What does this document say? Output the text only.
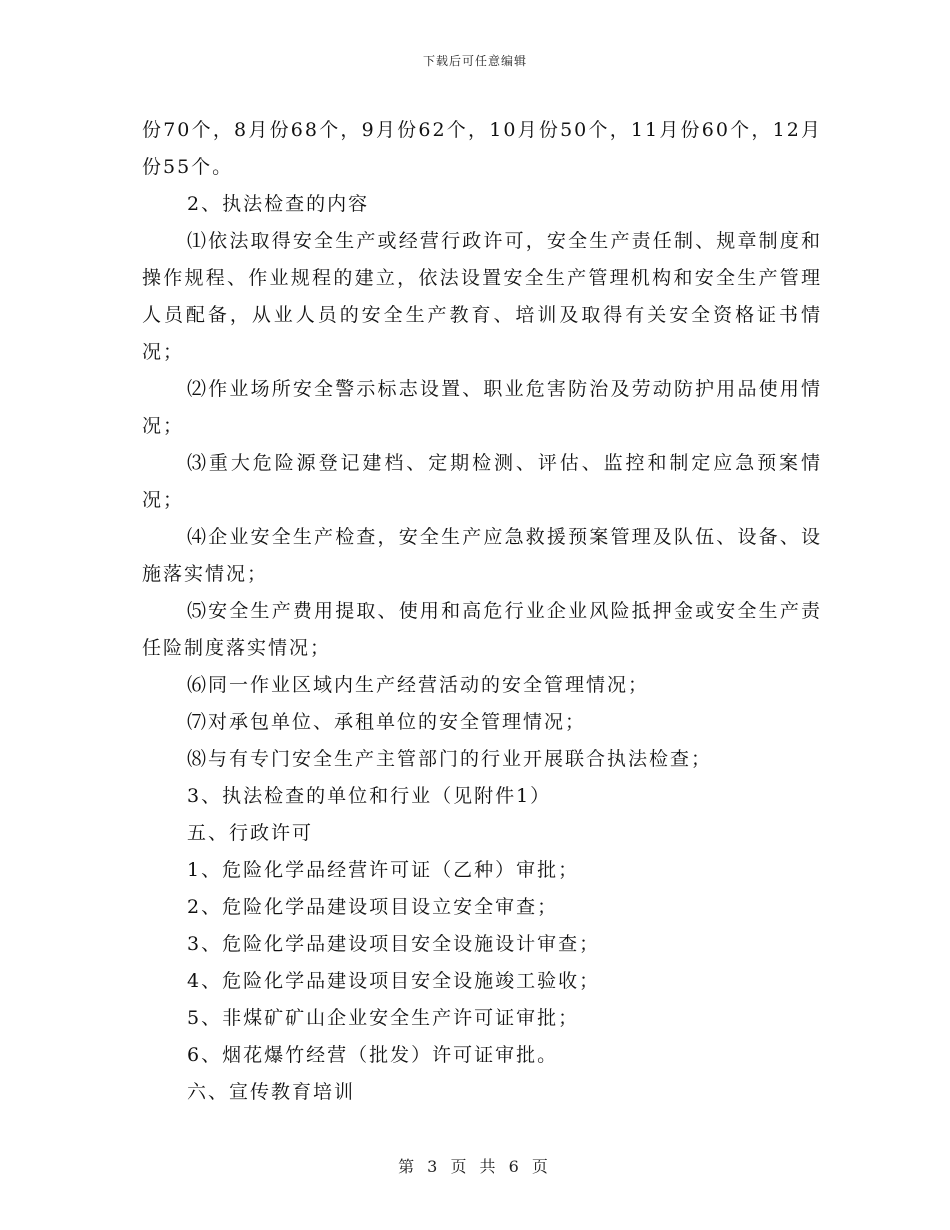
下载后可任意编辑

份70个，8月份68个，9月份62个，10月份50个，11月份60个，12月份55个。

2、执法检查的内容

⑴依法取得安全生产或经营行政许可，安全生产责任制、规章制度和操作规程、作业规程的建立，依法设置安全生产管理机构和安全生产管理人员配备，从业人员的安全生产教育、培训及取得有关安全资格证书情况；

⑵作业场所安全警示标志设置、职业危害防治及劳动防护用品使用情况；

⑶重大危险源登记建档、定期检测、评估、监控和制定应急预案情况；

⑷企业安全生产检查，安全生产应急救援预案管理及队伍、设备、设施落实情况；

⑸安全生产费用提取、使用和高危行业企业风险抵押金或安全生产责任险制度落实情况；

⑹同一作业区域内生产经营活动的安全管理情况；

⑺对承包单位、承租单位的安全管理情况；

⑻与有专门安全生产主管部门的行业开展联合执法检查；

3、执法检查的单位和行业（见附件1）

五、行政许可

1、危险化学品经营许可证（乙种）审批；

2、危险化学品建设项目设立安全审查；

3、危险化学品建设项目安全设施设计审查；

4、危险化学品建设项目安全设施竣工验收；

5、非煤矿矿山企业安全生产许可证审批；

6、烟花爆竹经营（批发）许可证审批。

六、宣传教育培训

第 3 页 共 6 页
